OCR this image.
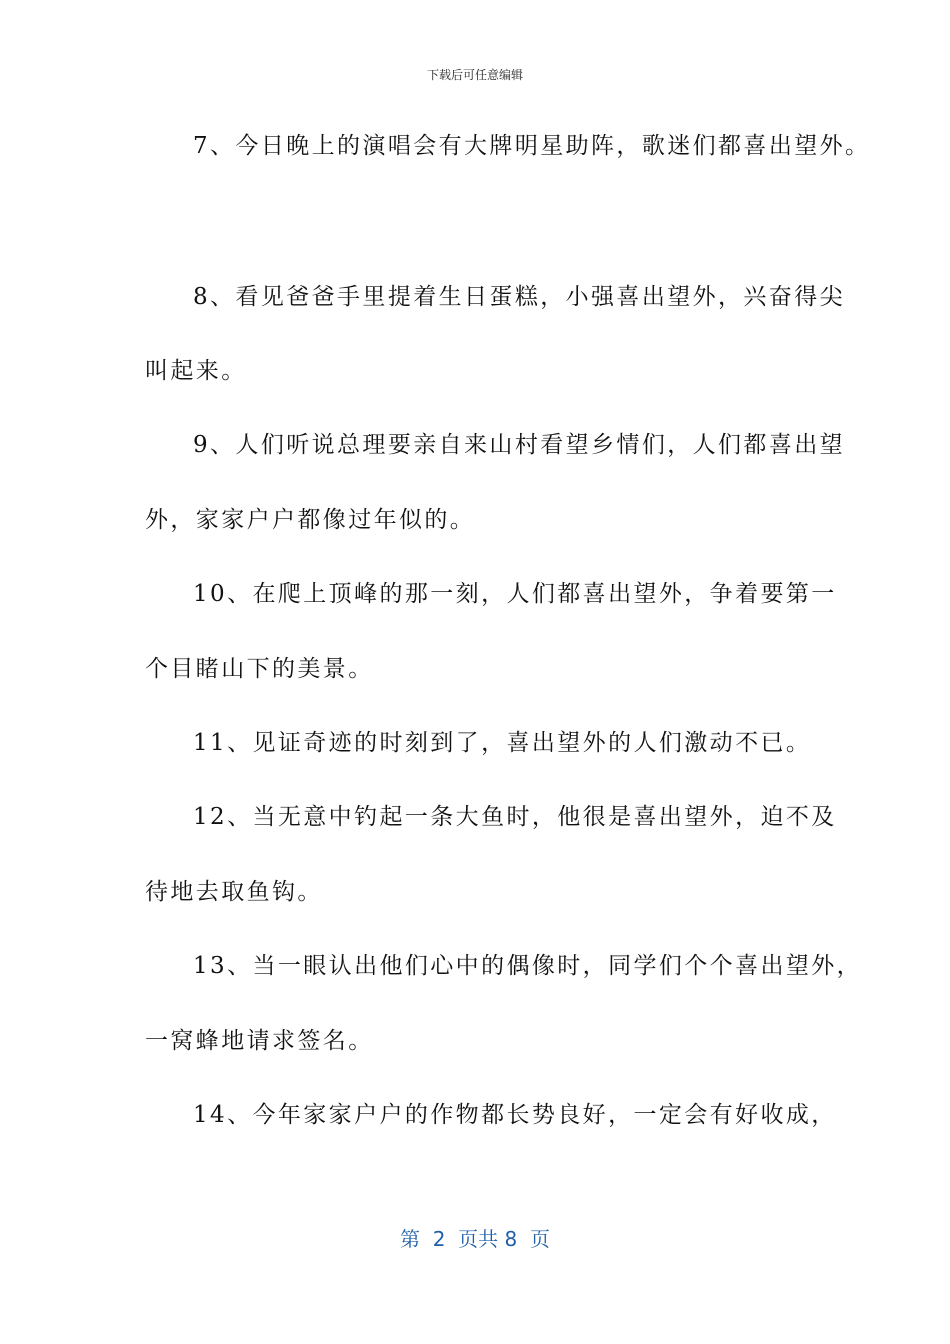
下载后可任意编辑
7、今日晚上的演唱会有大牌明星助阵，歌迷们都喜出望外。
8、看见爸爸手里提着生日蛋糕，小强喜出望外，兴奋得尖
叫起来。
9、人们听说总理要亲自来山村看望乡情们，人们都喜出望
外，家家户户都像过年似的。
10、在爬上顶峰的那一刻，人们都喜出望外，争着要第一
个目睹山下的美景。
11、见证奇迹的时刻到了，喜出望外的人们激动不已。
12、当无意中钓起一条大鱼时，他很是喜出望外，迫不及
待地去取鱼钩。
13、当一眼认出他们心中的偶像时，同学们个个喜出望外，
一窝蜂地请求签名。
14、今年家家户户的作物都长势良好，一定会有好收成，
第  2  页共 8  页
